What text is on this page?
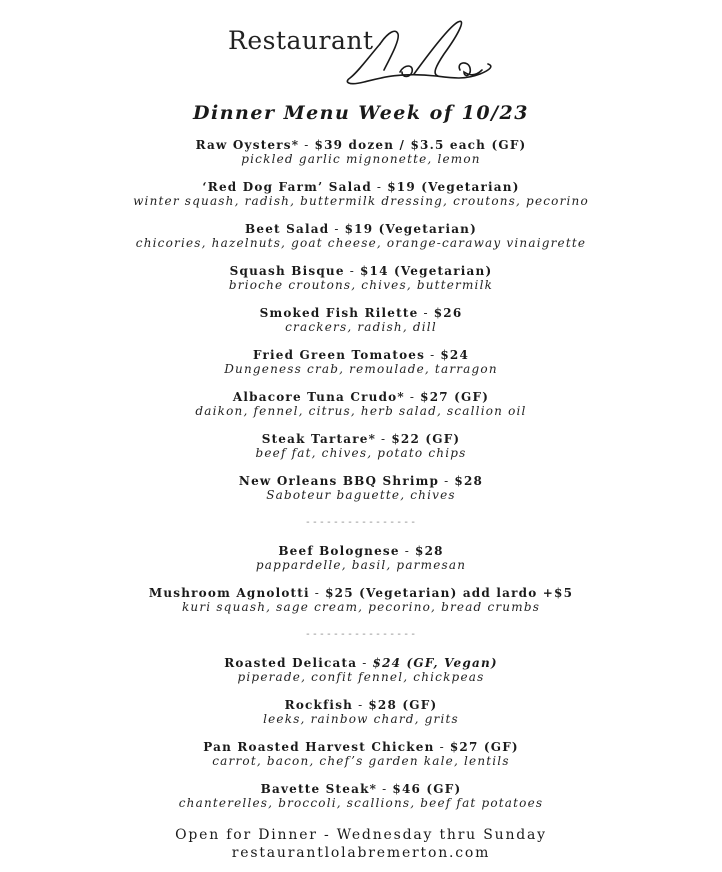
Restaurant
Dinner Menu Week of 10/23
Raw Oysters* - $39 dozen / $3.5 each (GF)
pickled garlic mignonette, lemon
‘Red Dog Farm’ Salad - $19 (Vegetarian)
winter squash, radish, buttermilk dressing, croutons, pecorino
Beet Salad - $19 (Vegetarian)
chicories, hazelnuts, goat cheese, orange-caraway vinaigrette
Squash Bisque - $14 (Vegetarian)
brioche croutons, chives, buttermilk
Smoked Fish Rilette - $26
crackers, radish, dill
Fried Green Tomatoes - $24
Dungeness crab, remoulade, tarragon
Albacore Tuna Crudo* - $27 (GF)
daikon, fennel, citrus, herb salad, scallion oil
Steak Tartare* - $22 (GF)
beef fat, chives, potato chips
New Orleans BBQ Shrimp - $28
Saboteur baguette, chives
----------------
Beef Bolognese - $28
pappardelle, basil, parmesan
Mushroom Agnolotti - $25 (Vegetarian) add lardo +$5
kuri squash, sage cream, pecorino, bread crumbs
----------------
Roasted Delicata - $24 (GF, Vegan)
piperade, confit fennel, chickpeas
Rockfish - $28 (GF)
leeks, rainbow chard, grits
Pan Roasted Harvest Chicken - $27 (GF)
carrot, bacon, chef’s garden kale, lentils
Bavette Steak* - $46 (GF)
chanterelles, broccoli, scallions, beef fat potatoes
Open for Dinner - Wednesday thru Sunday
restaurantlolabremerton.com
